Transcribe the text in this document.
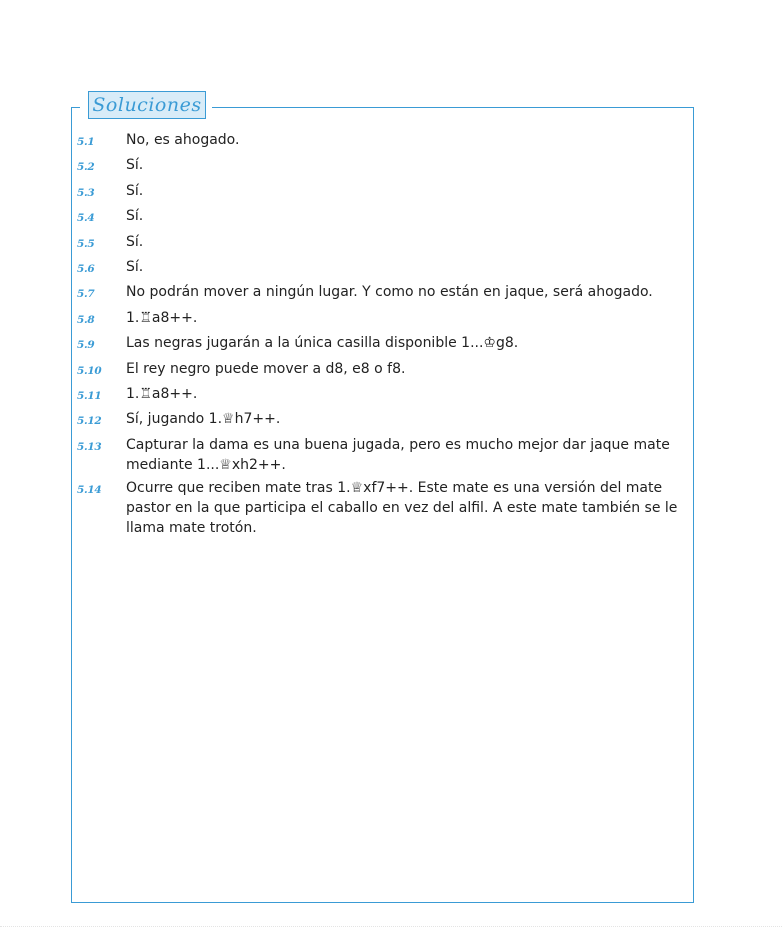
Soluciones
5.1	No, es ahogado.
5.2	Sí.
5.3	Sí.
5.4	Sí.
5.5	Sí.
5.6	Sí.
5.7	No podrán mover a ningún lugar. Y como no están en jaque, será ahogado.
5.8	1.♖a8++.
5.9	Las negras jugarán a la única casilla disponible 1...♔g8.
5.10	El rey negro puede mover a d8, e8 o f8.
5.11	1.♖a8++.
5.12	Sí, jugando 1.♕h7++.
5.13	Capturar la dama es una buena jugada, pero es mucho mejor dar jaque mate mediante 1...♕xh2++.
5.14	Ocurre que reciben mate tras 1.♕xf7++. Este mate es una versión del mate pastor en la que participa el caballo en vez del alfil. A este mate también se le llama mate trotón.
